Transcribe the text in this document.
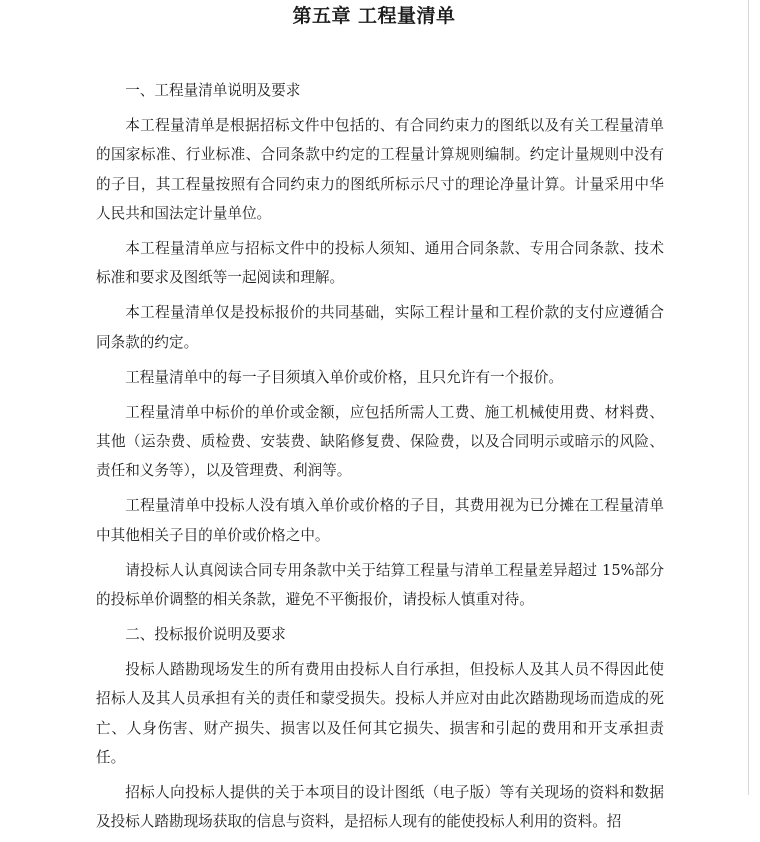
第五章 工程量清单

一、工程量清单说明及要求

本工程量清单是根据招标文件中包括的、有合同约束力的图纸以及有关工程量清单的国家标准、行业标准、合同条款中约定的工程量计算规则编制。约定计量规则中没有的子目，其工程量按照有合同约束力的图纸所标示尺寸的理论净量计算。计量采用中华人民共和国法定计量单位。

本工程量清单应与招标文件中的投标人须知、通用合同条款、专用合同条款、技术标准和要求及图纸等一起阅读和理解。

本工程量清单仅是投标报价的共同基础，实际工程计量和工程价款的支付应遵循合同条款的约定。

工程量清单中的每一子目须填入单价或价格，且只允许有一个报价。

工程量清单中标价的单价或金额，应包括所需人工费、施工机械使用费、材料费、其他（运杂费、质检费、安装费、缺陷修复费、保险费，以及合同明示或暗示的风险、责任和义务等），以及管理费、利润等。

工程量清单中投标人没有填入单价或价格的子目，其费用视为已分摊在工程量清单中其他相关子目的单价或价格之中。

请投标人认真阅读合同专用条款中关于结算工程量与清单工程量差异超过 15%部分的投标单价调整的相关条款，避免不平衡报价，请投标人慎重对待。

二、投标报价说明及要求

投标人踏勘现场发生的所有费用由投标人自行承担，但投标人及其人员不得因此使招标人及其人员承担有关的责任和蒙受损失。投标人并应对由此次踏勘现场而造成的死亡、人身伤害、财产损失、损害以及任何其它损失、损害和引起的费用和开支承担责任。

招标人向投标人提供的关于本项目的设计图纸（电子版）等有关现场的资料和数据及投标人踏勘现场获取的信息与资料，是招标人现有的能使投标人利用的资料。招
